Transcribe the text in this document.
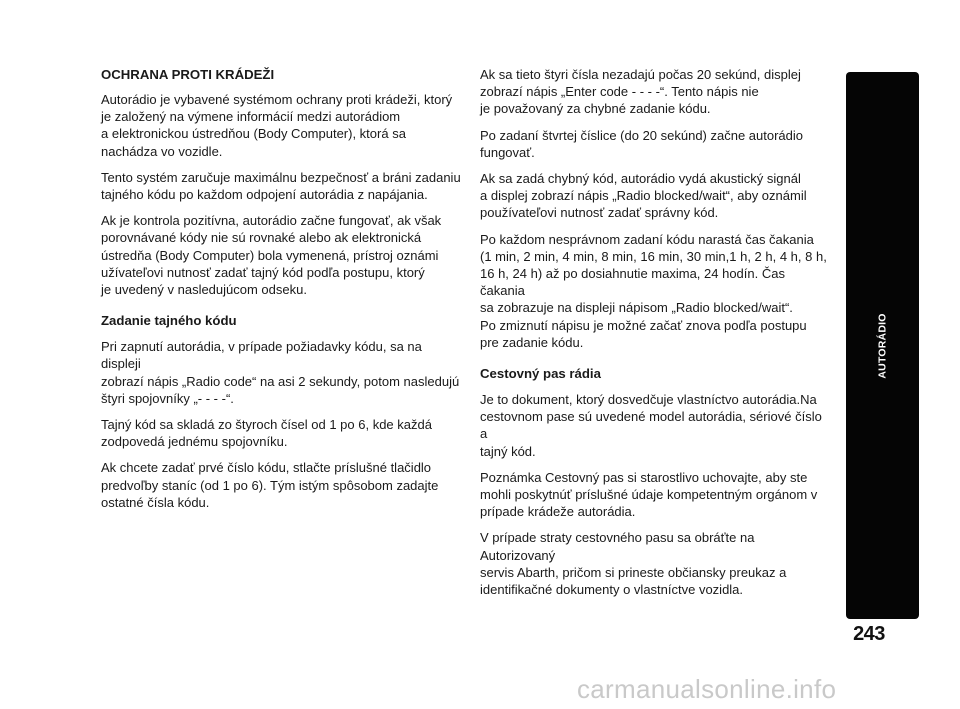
OCHRANA PROTI KRÁDEŽI

Autorádio je vybavené systémom ochrany proti krádeži, ktorý
je založený na výmene informácií medzi autorádiom
a elektronickou ústredňou (Body Computer), ktorá sa
nachádza vo vozidle.

Tento systém zaručuje maximálnu bezpečnosť a bráni zadaniu
tajného kódu po každom odpojení autorádia z napájania.

Ak je kontrola pozitívna, autorádio začne fungovať, ak však
porovnávané kódy nie sú rovnaké alebo ak elektronická
ústredňa (Body Computer) bola vymenená, prístroj oznámi
užívateľovi nutnosť zadať tajný kód podľa postupu, ktorý
je uvedený v nasledujúcom odseku.

Zadanie tajného kódu

Pri zapnutí autorádia, v prípade požiadavky kódu, sa na displeji
zobrazí nápis „Radio code“ na asi 2 sekundy, potom nasledujú
štyri spojovníky „- - - -“.

Tajný kód sa skladá zo štyroch čísel od 1 po 6, kde každá
zodpovedá jednému spojovníku.

Ak chcete zadať prvé číslo kódu, stlačte príslušné tlačidlo
predvoľby staníc (od 1 po 6). Tým istým spôsobom zadajte
ostatné čísla kódu.

Ak sa tieto štyri čísla nezadajú počas 20 sekúnd, displej
zobrazí nápis „Enter code - - - -“. Tento nápis nie
je považovaný za chybné zadanie kódu.

Po zadaní štvrtej číslice (do 20 sekúnd) začne autorádio
fungovať.

Ak sa zadá chybný kód, autorádio vydá akustický signál
a displej zobrazí nápis „Radio blocked/wait“, aby oznámil
používateľovi nutnosť zadať správny kód.

Po každom nesprávnom zadaní kódu narastá čas čakania
(1 min, 2 min, 4 min, 8 min, 16 min, 30 min,1 h, 2 h, 4 h, 8 h,
16 h, 24 h) až po dosiahnutie maxima, 24 hodín. Čas čakania
sa zobrazuje na displeji nápisom „Radio blocked/wait“.
Po zmiznutí nápisu je možné začať znova podľa postupu
pre zadanie kódu.

Cestovný pas rádia

Je to dokument, ktorý dosvedčuje vlastníctvo autorádia.Na
cestovnom pase sú uvedené model autorádia, sériové číslo a
tajný kód.

Poznámka Cestovný pas si starostlivo uchovajte, aby ste
mohli poskytnúť príslušné údaje kompetentným orgánom v
prípade krádeže autorádia.

V prípade straty cestovného pasu sa obráťte na Autorizovaný
servis Abarth, pričom si prineste občiansky preukaz a
identifikačné dokumenty o vlastníctve vozidla.

AUTORÁDIO
243
carmanualsonline.info
